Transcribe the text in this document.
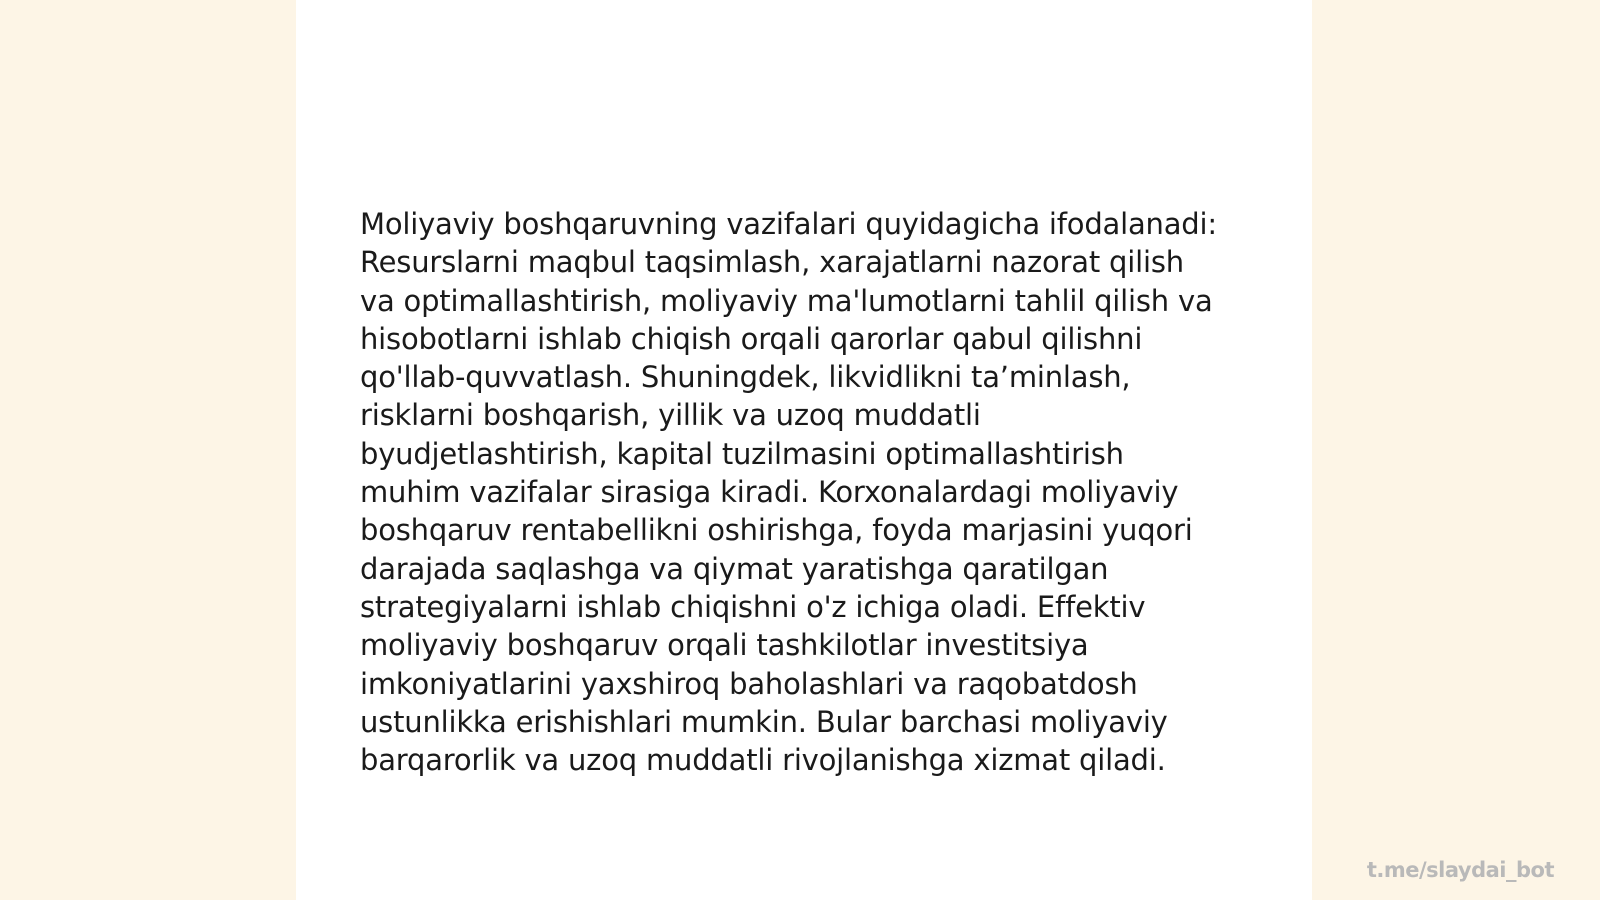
Moliyaviy boshqaruvning vazifalari quyidagicha ifodalanadi: Resurslarni maqbul taqsimlash, xarajatlarni nazorat qilish va optimallashtirish, moliyaviy ma'lumotlarni tahlil qilish va hisobotlarni ishlab chiqish orqali qarorlar qabul qilishni qo'llab-quvvatlash. Shuningdek, likvidlikni ta’minlash, risklarni boshqarish, yillik va uzoq muddatli byudjetlashtirish, kapital tuzilmasini optimallashtirish muhim vazifalar sirasiga kiradi. Korxonalardagi moliyaviy boshqaruv rentabellikni oshirishga, foyda marjasini yuqori darajada saqlashga va qiymat yaratishga qaratilgan strategiyalarni ishlab chiqishni o'z ichiga oladi. Effektiv moliyaviy boshqaruv orqali tashkilotlar investitsiya imkoniyatlarini yaxshiroq baholashlari va raqobatdosh ustunlikka erishishlari mumkin. Bular barchasi moliyaviy barqarorlik va uzoq muddatli rivojlanishga xizmat qiladi.

t.me/slaydai_bot
